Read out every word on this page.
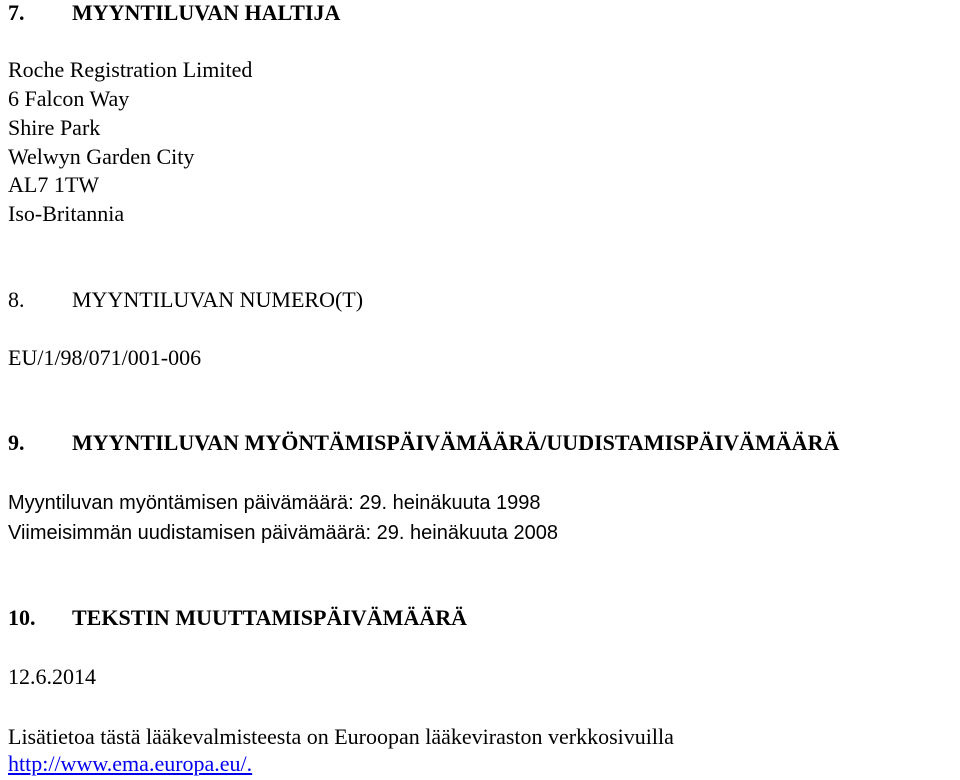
7. MYYNTILUVAN HALTIJA
Roche Registration Limited
6 Falcon Way
Shire Park
Welwyn Garden City
AL7 1TW
Iso-Britannia
8. MYYNTILUVAN NUMERO(T)
EU/1/98/071/001-006
9. MYYNTILUVAN MYÖNTÄMISPÄIVÄMÄÄRÄ/UUDISTAMISPÄIVÄMÄÄRÄ
Myyntiluvan myöntämisen päivämäärä: 29. heinäkuuta 1998
Viimeisimmän uudistamisen päivämäärä: 29. heinäkuuta 2008
10. TEKSTIN MUUTTAMISPÄIVÄMÄÄRÄ
12.6.2014
Lisätietoa tästä lääkevalmisteesta on Euroopan lääkeviraston verkkosivuilla
http://www.ema.europa.eu/.
